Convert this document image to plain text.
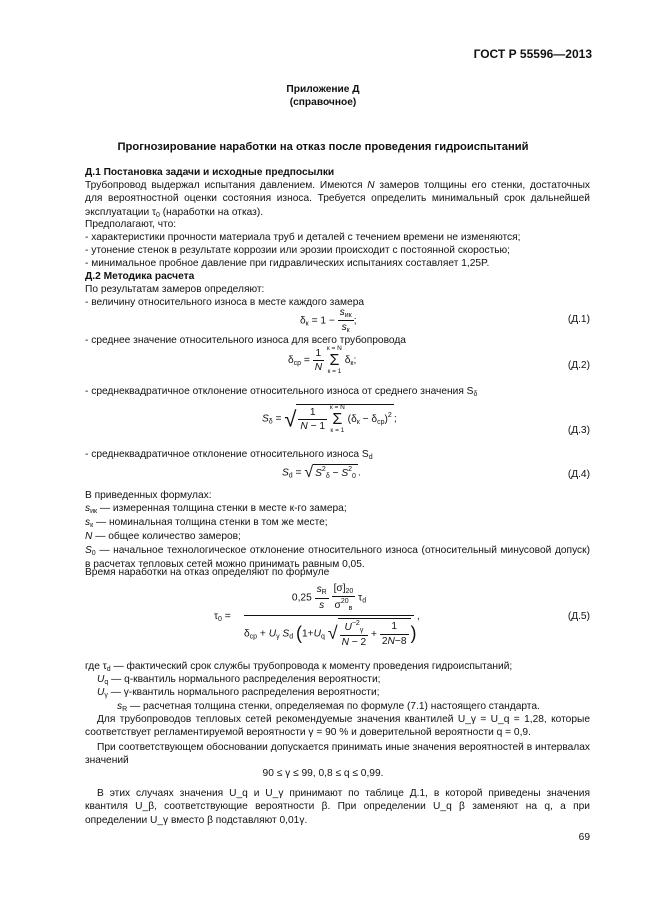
ГОСТ Р 55596—2013
Приложение Д
(справочное)
Прогнозирование наработки на отказ после проведения гидроиспытаний
Д.1 Постановка задачи и исходные предпосылки
Трубопровод выдержал испытания давлением. Имеются N замеров толщины его стенки, достаточных для вероятностной оценки состояния износа. Требуется определить минимальный срок дальнейшей эксплуатации $\tau_0$ (наработки на отказ).
Предполагают, что:
- характеристики прочности материала труб и деталей с течением времени не изменяются;
- утонение стенок в результате коррозии или эрозии происходит с постоянной скоростью;
- минимальное пробное давление при гидравлических испытаниях составляет 1,25P.
Д.2 Методика расчета
По результатам замеров определяют:
- величину относительного износа в месте каждого замера
$\delta_к = 1 - \frac{s_{ик}}{s_к}$ ;	(Д.1)
- среднее значение относительного износа для всего трубопровода
$\delta_{ср} = \frac{1}{N}$
к = N
Σ
к = 1
$\delta_к$;	(Д.2)
- среднеквадратичное отклонение относительного износа от среднего значения $S_\delta$
$S_\delta$ = √ $\frac{1}{N - 1}$
к = N
Σ
к = 1
$(\delta_к - \delta_{ср})^2$ ;
(Д.3)
- среднеквадратичное отклонение относительного износа $S_d$
$S_d$ = √ $S^2_\delta - S^2_0$ .	(Д.4)
В приведенных формулах:
$s_{ик}$ — измеренная толщина стенки в месте к-го замера;
$s_к$ — номинальная толщина стенки в том же месте;
N — общее количество замеров;
$S_0$ — начальное технологическое отклонение относительного износа (относительный минусовой допуск) в расчетах тепловых сетей можно принимать равным 0,05.
Время наработки на отказ определяют по формуле
$\tau_0$ =
$0,25 \frac{s_R}{s}$
$\frac{[\sigma]_{20}}{\sigma^{20}_в} \tau_d$
$\delta_{ср} + U_\gamma$ $S_d$ ($1+U_q$ √ $\frac{U^{-2}_\gamma}{N - 2} + \frac{1}{2N-8}$ )
,	(Д.5)
где $\tau_d$ — фактический срок службы трубопровода к моменту проведения гидроиспытаний;
$U_q$ — q-квантиль нормального распределения вероятности;
$U_\gamma$ — γ-квантиль нормального распределения вероятности;
$s_R$ — расчетная толщина стенки, определяемая по формуле (7.1) настоящего стандарта.
Для трубопроводов тепловых сетей рекомендуемые значения квантилей U_γ = U_q = 1,28, которые соответствует регламентируемой вероятности γ = 90 % и доверительной вероятности q = 0,9.
При соответствующем обосновании допускается принимать иные значения вероятностей в интервалах значений
90 ≤ γ ≤ 99, 0,8 ≤ q ≤ 0,99.
В этих случаях значения U_q и U_γ принимают по таблице Д.1, в которой приведены значения квантиля U_β, соответствующие вероятности β. При определении U_q β заменяют на q, а при определении U_γ вместо β подставляют 0,01γ.
69
